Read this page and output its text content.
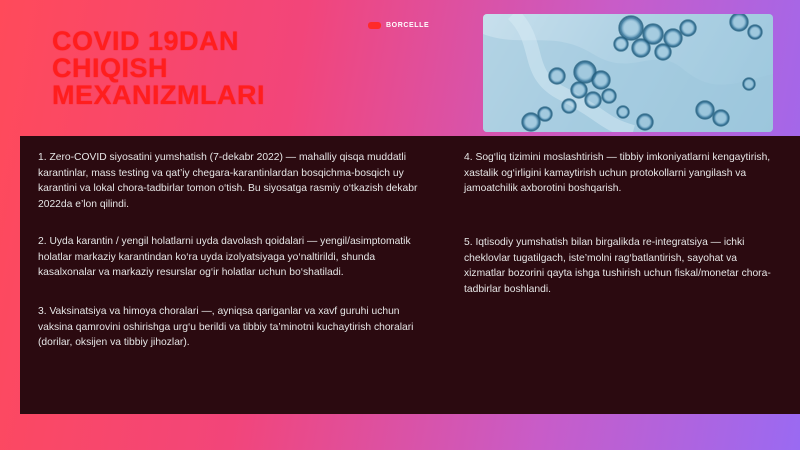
COVID 19DAN
CHIQISH
MEXANIZMLARI
BORCELLE

1. Zero-COVID siyosatini yumshatish (7-dekabr 2022) — mahalliy qisqa muddatli karantinlar, mass testing va qat’iy chegara-karantinlardan bosqichma-bosqich uy karantini va lokal chora-tadbirlar tomon o‘tish. Bu siyosatga rasmiy o‘tkazish dekabr 2022da e’lon qilindi.

2. Uyda karantin / yengil holatlarni uyda davolash qoidalari — yengil/asimptomatik holatlar markaziy karantindan ko‘ra uyda izolyatsiyaga yo‘naltirildi, shunda kasalxonalar va markaziy resurslar og‘ir holatlar uchun bo‘shatiladi.

3. Vaksinatsiya va himoya choralari —, ayniqsa qariganlar va xavf guruhi uchun vaksina qamrovini oshirishga urg‘u berildi va tibbiy ta’minotni kuchaytirish choralari (dorilar, oksijen va tibbiy jihozlar).

4. Sog‘liq tizimini moslashtirish — tibbiy imkoniyatlarni kengaytirish, xastalik og‘irligini kamaytirish uchun protokollarni yangilash va jamoatchilik axborotini boshqarish.

5. Iqtisodiy yumshatish bilan birgalikda re-integratsiya — ichki cheklovlar tugatilgach, iste’molni rag‘batlantirish, sayohat va xizmatlar bozorini qayta ishga tushirish uchun fiskal/monetar chora-tadbirlar boshlandi.
